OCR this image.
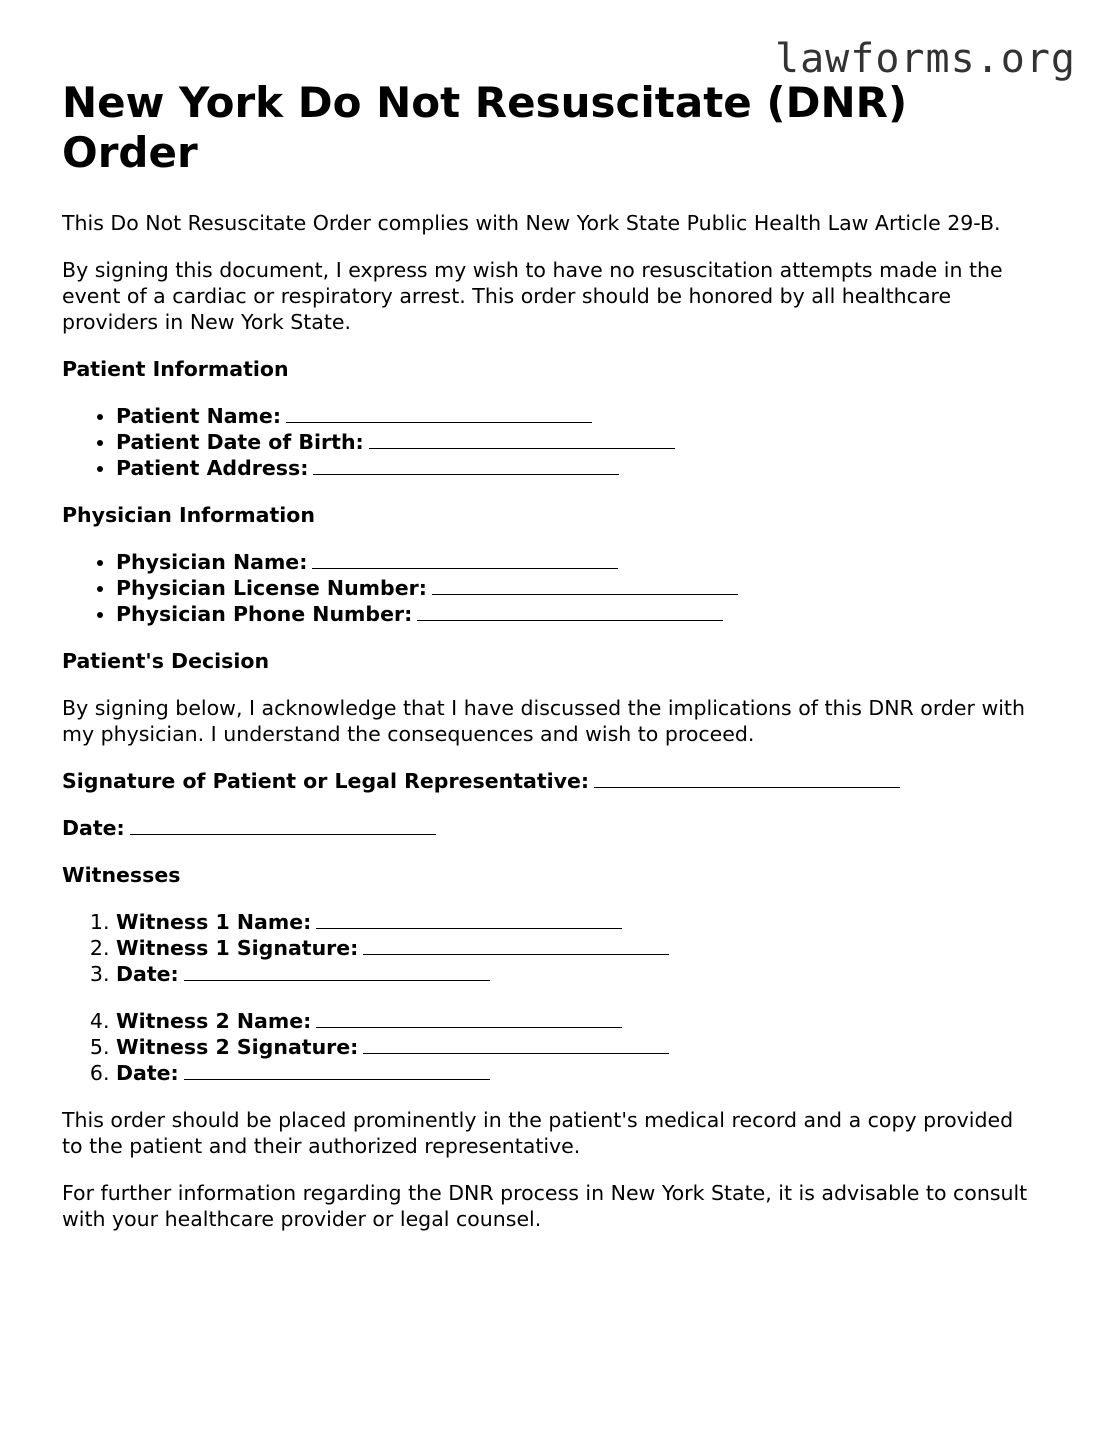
lawforms.org
New York Do Not Resuscitate (DNR) Order

This Do Not Resuscitate Order complies with New York State Public Health Law Article 29-B.

By signing this document, I express my wish to have no resuscitation attempts made in the event of a cardiac or respiratory arrest. This order should be honored by all healthcare providers in New York State.

Patient Information
• Patient Name:
• Patient Date of Birth:
• Patient Address:
Physician Information
• Physician Name:
• Physician License Number:
• Physician Phone Number:
Patient's Decision

By signing below, I acknowledge that I have discussed the implications of this DNR order with my physician. I understand the consequences and wish to proceed.

Signature of Patient or Legal Representative:
Date:
Witnesses
1. Witness 1 Name:
2. Witness 1 Signature:
3. Date:
4. Witness 2 Name:
5. Witness 2 Signature:
6. Date:

This order should be placed prominently in the patient's medical record and a copy provided to the patient and their authorized representative.

For further information regarding the DNR process in New York State, it is advisable to consult with your healthcare provider or legal counsel.
